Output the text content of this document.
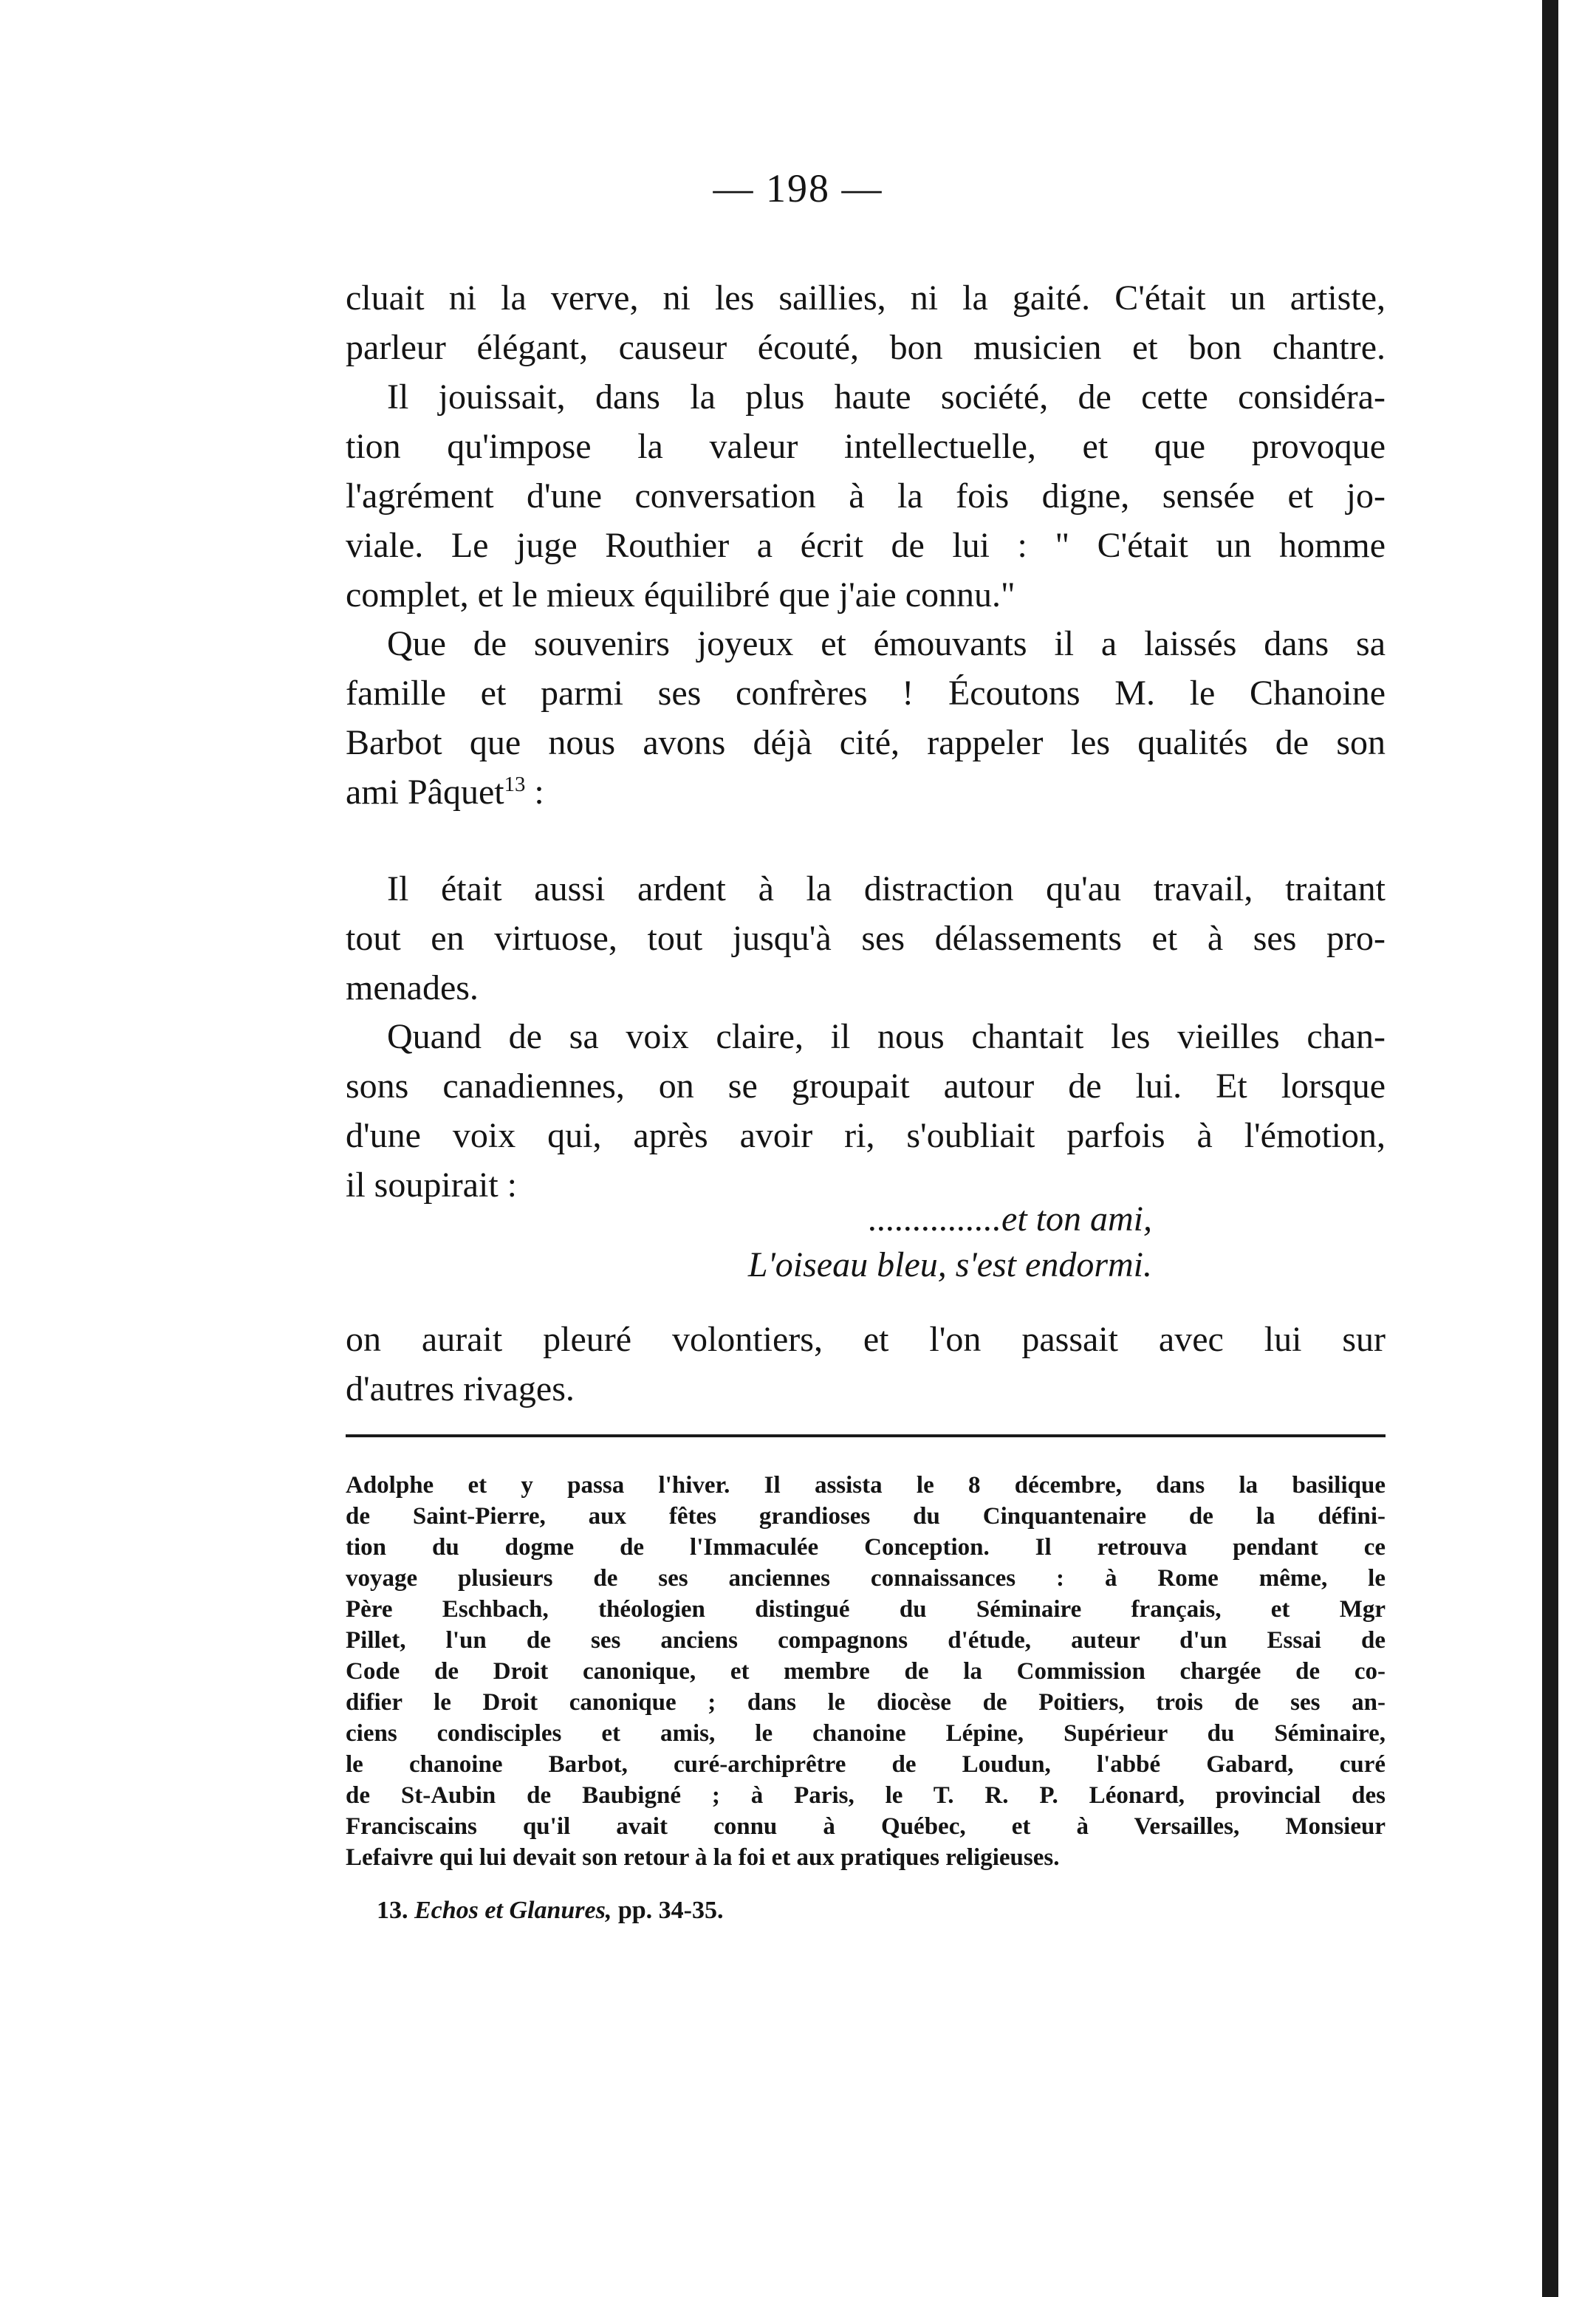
— 198 —
cluait ni la verve, ni les saillies, ni la gaité. C'était un artiste,
parleur élégant, causeur écouté, bon musicien et bon chantre.
Il jouissait, dans la plus haute société, de cette considéra-
tion qu'impose la valeur intellectuelle, et que provoque
l'agrément d'une conversation à la fois digne, sensée et jo-
viale. Le juge Routhier a écrit de lui : " C'était un homme
complet, et le mieux équilibré que j'aie connu."
Que de souvenirs joyeux et émouvants il a laissés dans sa
famille et parmi ses confrères ! Écoutons M. le Chanoine
Barbot que nous avons déjà cité, rappeler les qualités de son
ami Pâquet$^{13}$ :
Il était aussi ardent à la distraction qu'au travail, traitant
tout en virtuose, tout jusqu'à ses délassements et à ses pro-
menades.
Quand de sa voix claire, il nous chantait les vieilles chan-
sons canadiennes, on se groupait autour de lui. Et lorsque
d'une voix qui, après avoir ri, s'oubliait parfois à l'émotion,
il soupirait :
...............et ton ami,
L'oiseau bleu, s'est endormi.
on aurait pleuré volontiers, et l'on passait avec lui sur
d'autres rivages.
Adolphe et y passa l'hiver. Il assista le 8 décembre, dans la basilique
de Saint-Pierre, aux fêtes grandioses du Cinquantenaire de la défini-
tion du dogme de l'Immaculée Conception. Il retrouva pendant ce
voyage plusieurs de ses anciennes connaissances : à Rome même, le
Père Eschbach, théologien distingué du Séminaire français, et Mgr
Pillet, l'un de ses anciens compagnons d'étude, auteur d'un Essai de
Code de Droit canonique, et membre de la Commission chargée de co-
difier le Droit canonique ; dans le diocèse de Poitiers, trois de ses an-
ciens condisciples et amis, le chanoine Lépine, Supérieur du Séminaire,
le chanoine Barbot, curé-archiprêtre de Loudun, l'abbé Gabard, curé
de St-Aubin de Baubigné ; à Paris, le T. R. P. Léonard, provincial des
Franciscains qu'il avait connu à Québec, et à Versailles, Monsieur
Lefaivre qui lui devait son retour à la foi et aux pratiques religieuses.
13. Echos et Glanures, pp. 34-35.
